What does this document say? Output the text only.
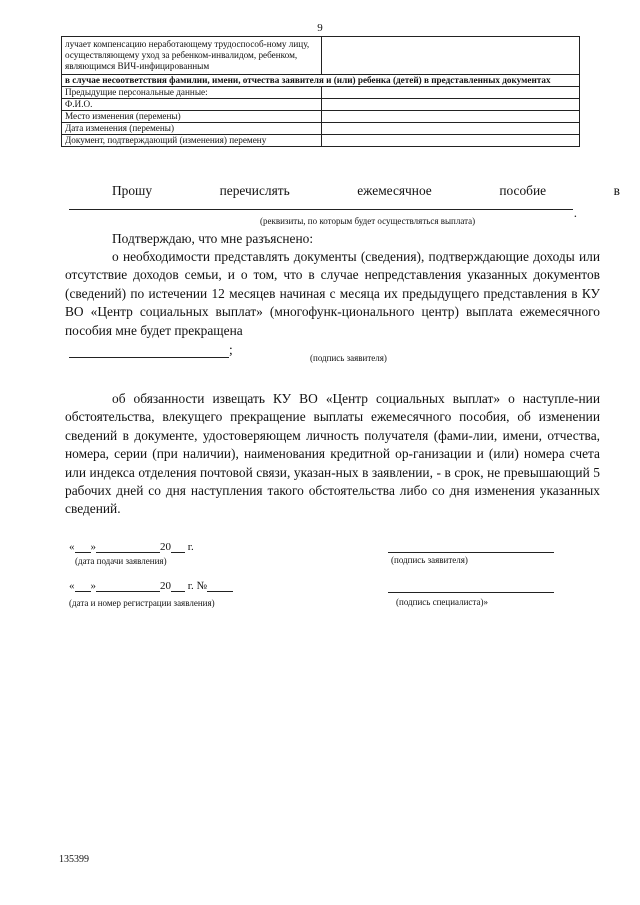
9
лучает компенсацию неработающему трудоспособ-ному лицу, осуществляющему уход за ребенком-инвалидом, ребенком, являющимся ВИЧ-инфицированным	
в случае несоответствия фамилии, имени, отчества заявителя и (или) ребенка (детей) в представленных документах	
Предыдущие персональные данные:	
Ф.И.О.	
Место изменения (перемены)	
Дата изменения (перемены)	
Документ, подтверждающий (изменения) перемену	
Прошу	перечислять	ежемесячное	пособие	в
.
(реквизиты, по которым будет осуществляться выплата)

Подтверждаю, что мне разъяснено:

о необходимости представлять документы (сведения), подтверждающие доходы или отсутствие доходов семьи, и о том, что в случае непредставления указанных документов (сведений) по истечении 12 месяцев начиная с месяца их предыдущего представления в КУ ВО «Центр социальных выплат» (многофунк-ционального центр) выплата ежемесячного пособия мне будет прекращена

;
(подпись заявителя)

об обязанности извещать КУ ВО «Центр социальных выплат» о наступле-нии обстоятельства, влекущего прекращение выплаты ежемесячного пособия, об изменении сведений в документе, удостоверяющем личность получателя (фами-лии, имени, отчества, номера, серии (при наличии), наименования кредитной ор-ганизации и (или) номера счета или индекса отделения почтовой связи, указан-ных в заявлении, - в срок, не превышающий 5 рабочих дней со дня наступления такого обстоятельства либо со дня изменения указанных сведений.

« »	20 г.
(дата подачи заявления)	(подпись заявителя)
« »	20 г. №
(дата и номер регистрации заявления)	(подпись специалиста)»
135399
